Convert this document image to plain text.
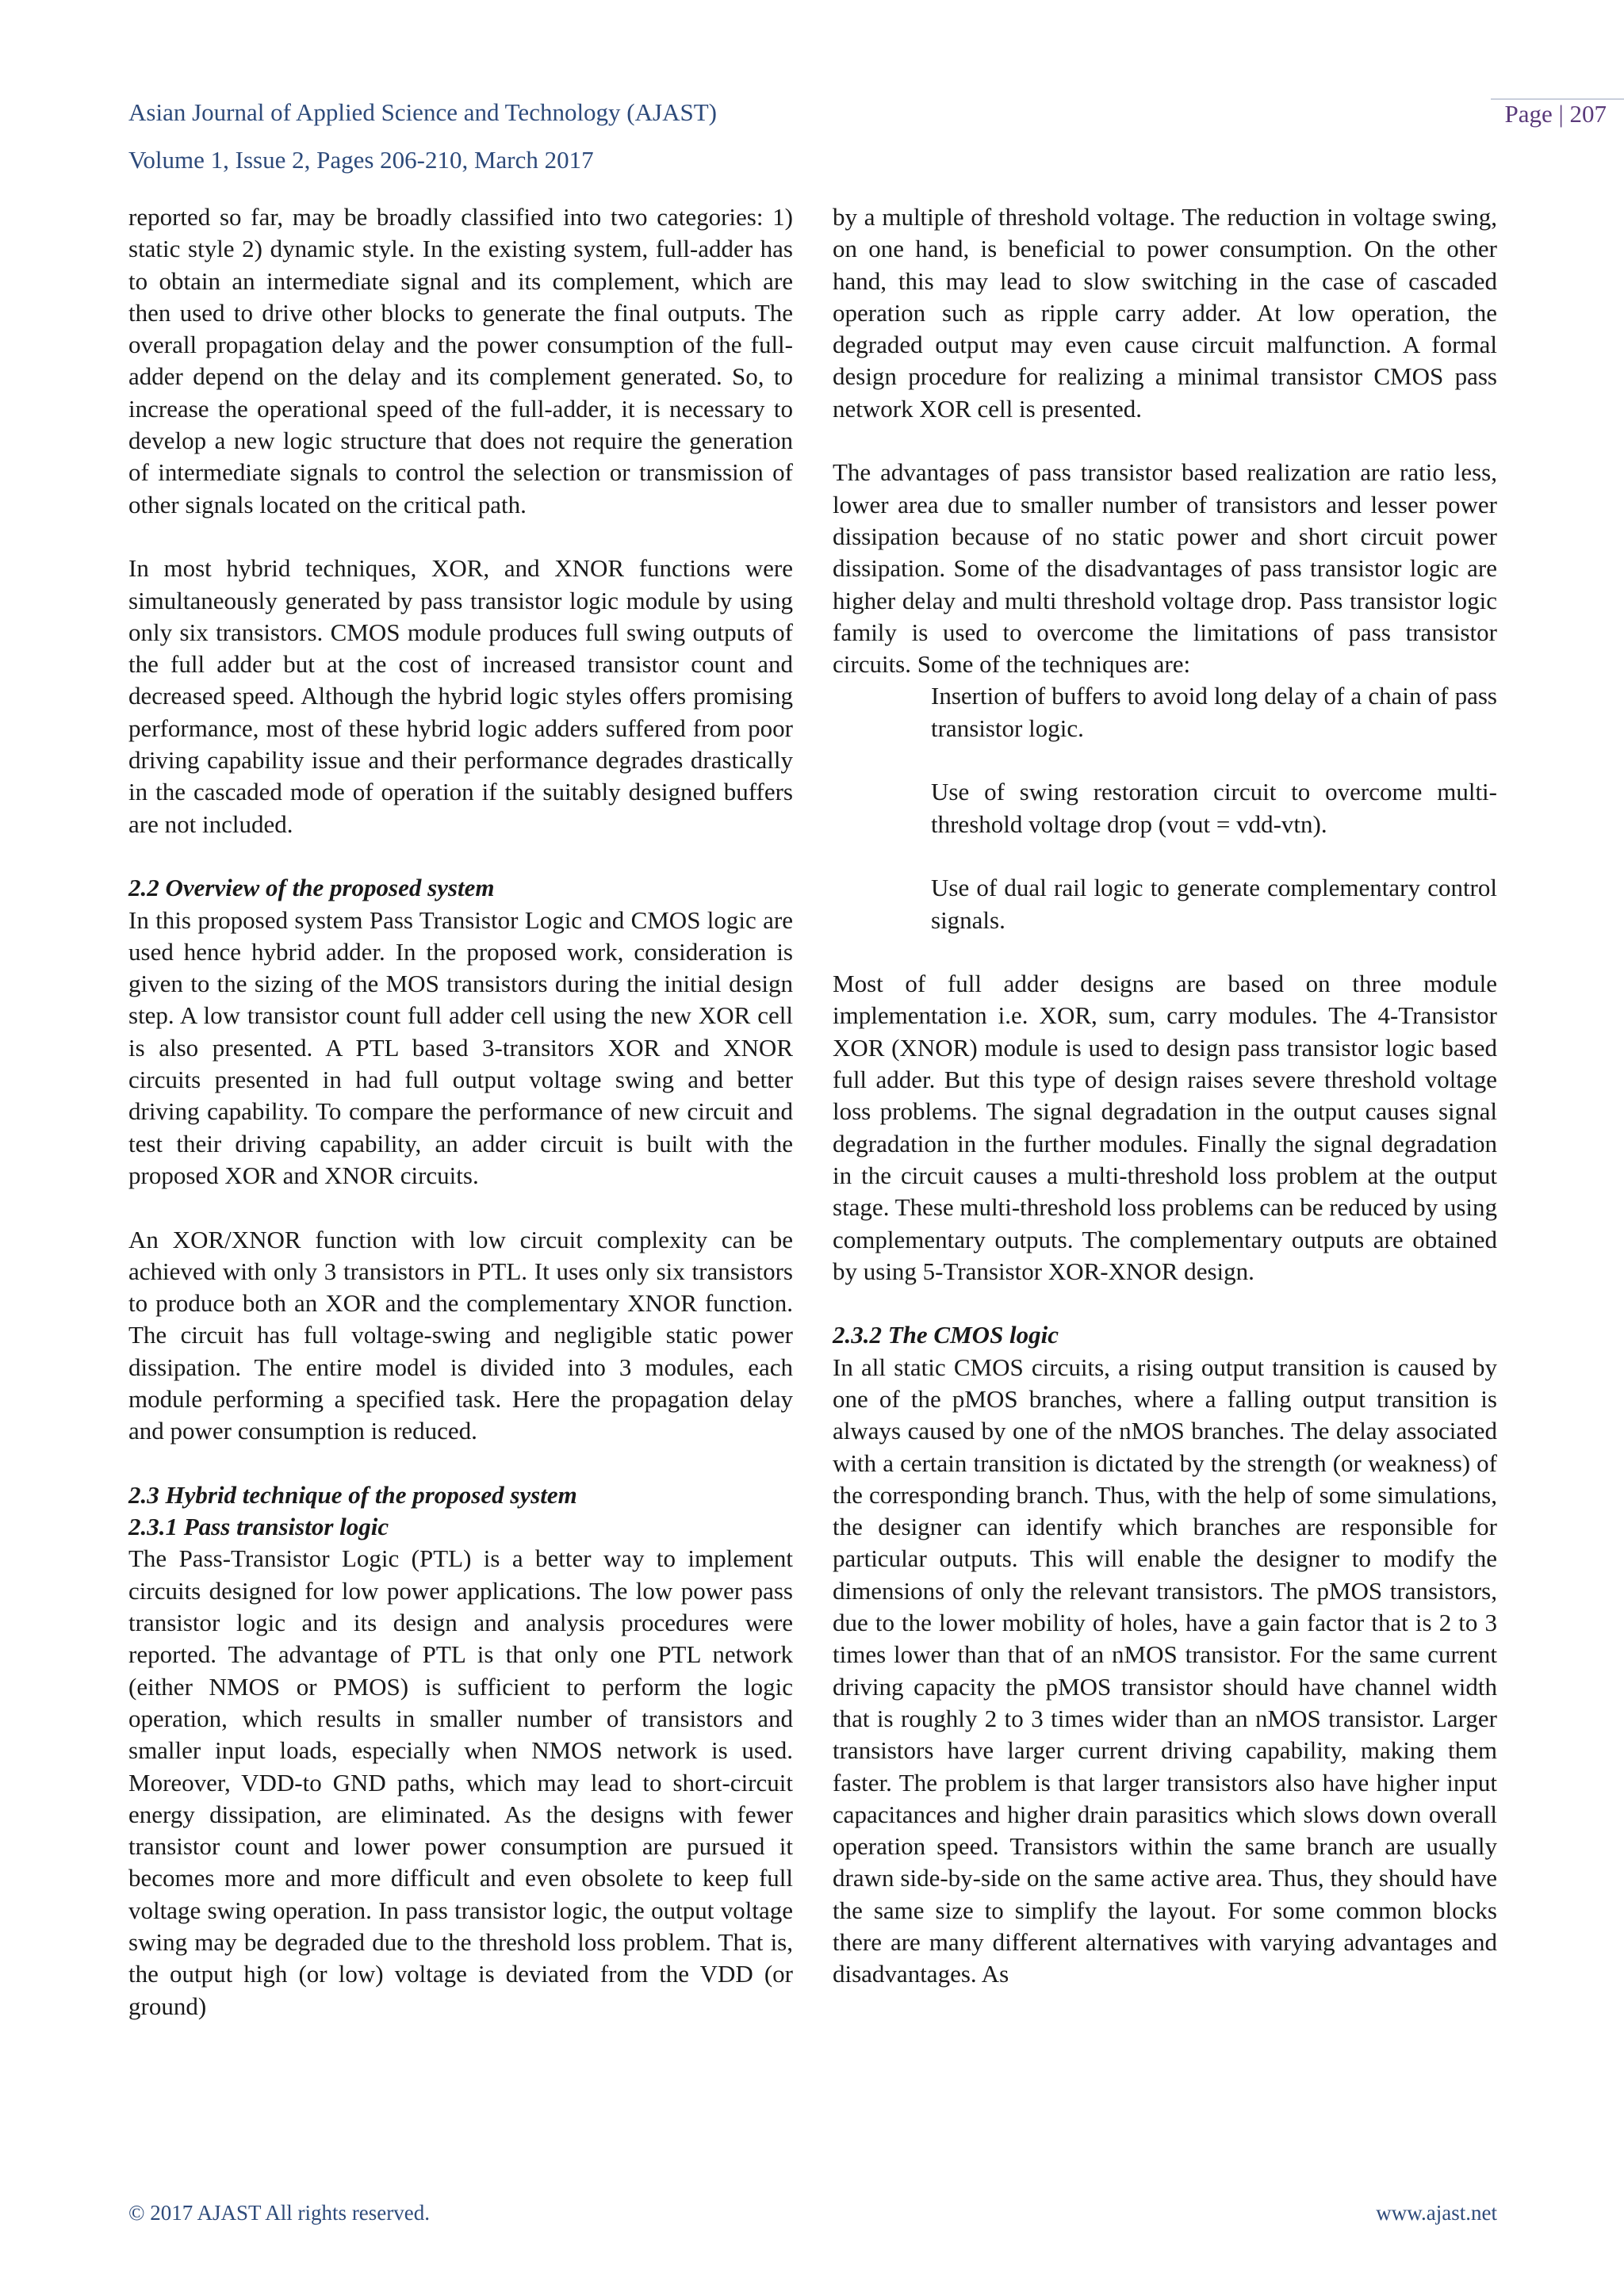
Asian Journal of Applied Science and Technology (AJAST)
Volume 1, Issue 2, Pages 206-210, March 2017
Page | 207

reported so far, may be broadly classified into two categories: 1) static style 2) dynamic style. In the existing system, full-adder has to obtain an intermediate signal and its complement, which are then used to drive other blocks to generate the final outputs. The overall propagation delay and the power consumption of the full-adder depend on the delay and its complement generated. So, to increase the operational speed of the full-adder, it is necessary to develop a new logic structure that does not require the generation of intermediate signals to control the selection or transmission of other signals located on the critical path.

In most hybrid techniques, XOR, and XNOR functions were simultaneously generated by pass transistor logic module by using only six transistors. CMOS module produces full swing outputs of the full adder but at the cost of increased transistor count and decreased speed. Although the hybrid logic styles offers promising performance, most of these hybrid logic adders suffered from poor driving capability issue and their performance degrades drastically in the cascaded mode of operation if the suitably designed buffers are not included.

2.2 Overview of the proposed system

In this proposed system Pass Transistor Logic and CMOS logic are used hence hybrid adder. In the proposed work, consideration is given to the sizing of the MOS transistors during the initial design step. A low transistor count full adder cell using the new XOR cell is also presented. A PTL based 3-transitors XOR and XNOR circuits presented in had full output voltage swing and better driving capability. To compare the performance of new circuit and test their driving capability, an adder circuit is built with the proposed XOR and XNOR circuits.

An XOR/XNOR function with low circuit complexity can be achieved with only 3 transistors in PTL. It uses only six transistors to produce both an XOR and the complementary XNOR function. The circuit has full voltage-swing and negligible static power dissipation. The entire model is divided into 3 modules, each module performing a specified task. Here the propagation delay and power consumption is reduced.

2.3 Hybrid technique of the proposed system
2.3.1 Pass transistor logic

The Pass-Transistor Logic (PTL) is a better way to implement circuits designed for low power applications. The low power pass transistor logic and its design and analysis procedures were reported. The advantage of PTL is that only one PTL network (either NMOS or PMOS) is sufficient to perform the logic operation, which results in smaller number of transistors and smaller input loads, especially when NMOS network is used. Moreover, VDD-to GND paths, which may lead to short-circuit energy dissipation, are eliminated. As the designs with fewer transistor count and lower power consumption are pursued it becomes more and more difficult and even obsolete to keep full voltage swing operation. In pass transistor logic, the output voltage swing may be degraded due to the threshold loss problem. That is, the output high (or low) voltage is deviated from the VDD (or ground)

by a multiple of threshold voltage. The reduction in voltage swing, on one hand, is beneficial to power consumption. On the other hand, this may lead to slow switching in the case of cascaded operation such as ripple carry adder. At low operation, the degraded output may even cause circuit malfunction. A formal design procedure for realizing a minimal transistor CMOS pass network XOR cell is presented.

The advantages of pass transistor based realization are ratio less, lower area due to smaller number of transistors and lesser power dissipation because of no static power and short circuit power dissipation. Some of the disadvantages of pass transistor logic are higher delay and multi threshold voltage drop. Pass transistor logic family is used to overcome the limitations of pass transistor circuits. Some of the techniques are:

Insertion of buffers to avoid long delay of a chain of pass transistor logic.
Use of swing restoration circuit to overcome multi-threshold voltage drop (vout = vdd-vtn).
Use of dual rail logic to generate complementary control signals.

Most of full adder designs are based on three module implementation i.e. XOR, sum, carry modules. The 4-Transistor XOR (XNOR) module is used to design pass transistor logic based full adder. But this type of design raises severe threshold voltage loss problems. The signal degradation in the output causes signal degradation in the further modules. Finally the signal degradation in the circuit causes a multi-threshold loss problem at the output stage. These multi-threshold loss problems can be reduced by using complementary outputs. The complementary outputs are obtained by using 5-Transistor XOR-XNOR design.

2.3.2 The CMOS logic

In all static CMOS circuits, a rising output transition is caused by one of the pMOS branches, where a falling output transition is always caused by one of the nMOS branches. The delay associated with a certain transition is dictated by the strength (or weakness) of the corresponding branch. Thus, with the help of some simulations, the designer can identify which branches are responsible for particular outputs. This will enable the designer to modify the dimensions of only the relevant transistors. The pMOS transistors, due to the lower mobility of holes, have a gain factor that is 2 to 3 times lower than that of an nMOS transistor. For the same current driving capacity the pMOS transistor should have channel width that is roughly 2 to 3 times wider than an nMOS transistor. Larger transistors have larger current driving capability, making them faster. The problem is that larger transistors also have higher input capacitances and higher drain parasitics which slows down overall operation speed. Transistors within the same branch are usually drawn side-by-side on the same active area. Thus, they should have the same size to simplify the layout. For some common blocks there are many different alternatives with varying advantages and disadvantages. As

© 2017 AJAST All rights reserved.	www.ajast.net
